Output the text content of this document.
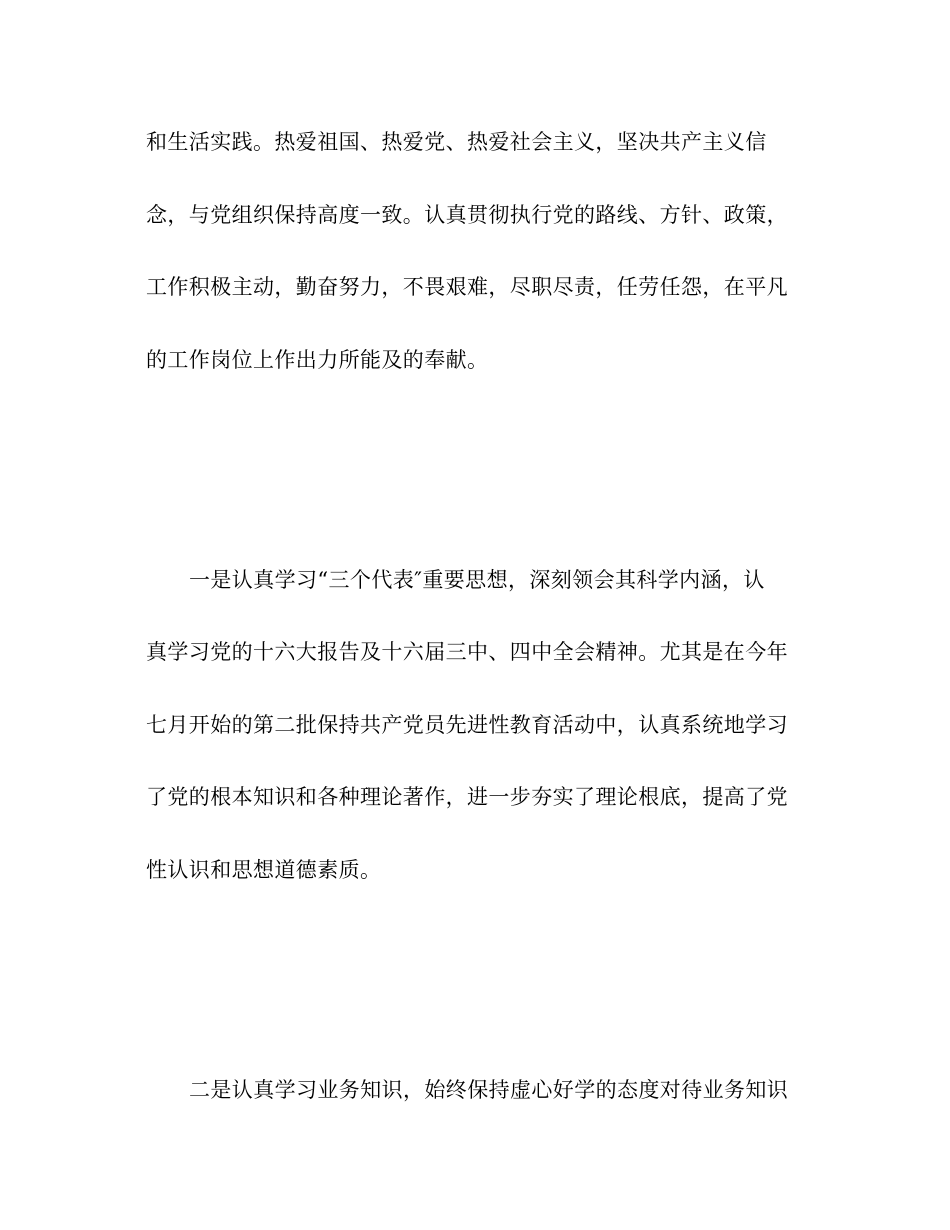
和生活实践。热爱祖国、热爱党、热爱社会主义，坚决共产主义信
念，与党组织保持高度一致。认真贯彻执行党的路线、方针、政策，
工作积极主动，勤奋努力，不畏艰难，尽职尽责，任劳任怨，在平凡
的工作岗位上作出力所能及的奉献。
一是认真学习“三个代表″重要思想，深刻领会其科学内涵，认
真学习党的十六大报告及十六届三中、四中全会精神。尤其是在今年
七月开始的第二批保持共产党员先进性教育活动中，认真系统地学习
了党的根本知识和各种理论著作，进一步夯实了理论根底，提高了党
性认识和思想道德素质。
二是认真学习业务知识，始终保持虚心好学的态度对待业务知识
